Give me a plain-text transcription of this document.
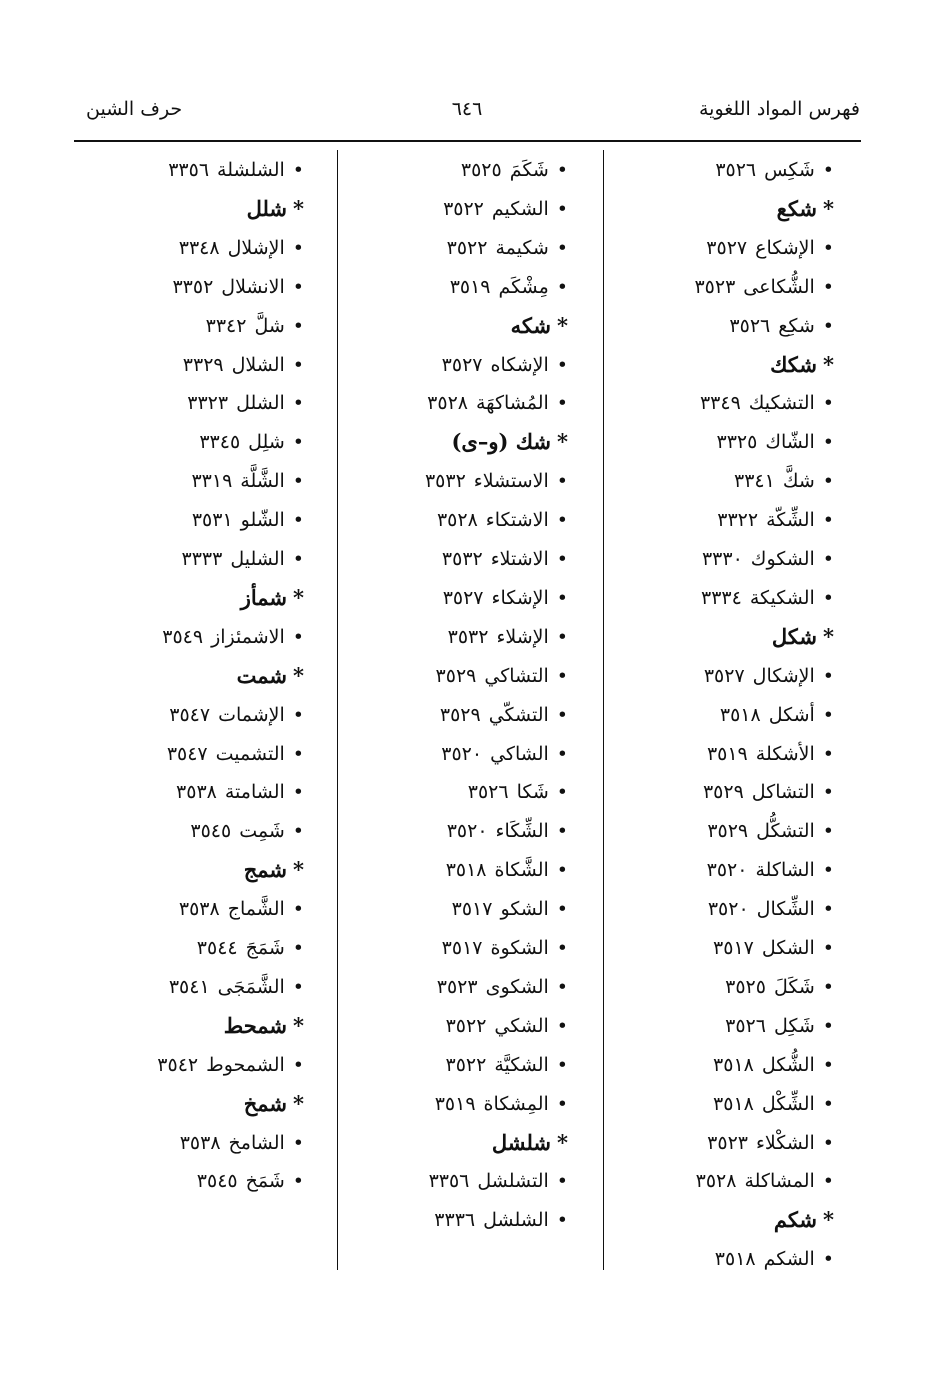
فهرس المواد اللغوية
٦٤٦
حرف الشين
•شَكِس٣٥٢٦
*شكع
•الإشكاع٣٥٢٧
•الشُّكاعى٣٥٢٣
•شكِع٣٥٢٦
*شكك
•التشكيك٣٣٤٩
•الشّاك٣٣٢٥
•شكَّ٣٣٤١
•الشِّكّة٣٣٢٢
•الشكوك٣٣٣٠
•الشكيكة٣٣٣٤
*شكل
•الإشكال٣٥٢٧
•أشكل٣٥١٨
•الأشكلة٣٥١٩
•التشاكل٣٥٢٩
•التشكُّل٣٥٢٩
•الشاكلة٣٥٢٠
•الشِّكال٣٥٢٠
•الشكل٣٥١٧
•شَكَلَ٣٥٢٥
•شَكِل٣٥٢٦
•الشُّكل٣٥١٨
•الشِّكْل٣٥١٨
•الشكْلاء٣٥٢٣
•المشاكلة٣٥٢٨
*شكم
•الشكم٣٥١٨
•شَكَمَ٣٥٢٥
•الشكيم٣٥٢٢
•شكيمة٣٥٢٢
•مِشْكَم٣٥١٩
*شكه
•الإشكاه٣٥٢٧
•المُشاكهَة٣٥٢٨
*شك (و–ى)
•الاستشلاء٣٥٣٢
•الاشتكاء٣٥٢٨
•الاشتلاء٣٥٣٢
•الإشكاء٣٥٢٧
•الإشلاء٣٥٣٢
•التشاكي٣٥٢٩
•التشكّي٣٥٢٩
•الشاكي٣٥٢٠
•شَكا٣٥٢٦
•الشِّكَاء٣٥٢٠
•الشَّكاة٣٥١٨
•الشكو٣٥١٧
•الشكوة٣٥١٧
•الشكوى٣٥٢٣
•الشكي٣٥٢٢
•الشكيَّة٣٥٢٢
•المِشكاة٣٥١٩
*شلشل
•التشلشل٣٣٥٦
•الشلشل٣٣٣٦
•الشلشلة٣٣٥٦
*شلل
•الإشلال٣٣٤٨
•الانشلال٣٣٥٢
•شلَّ٣٣٤٢
•الشلال٣٣٢٩
•الشلل٣٣٢٣
•شلِل٣٣٤٥
•الشَّلَّة٣٣١٩
•الشّلو٣٥٣١
•الشليل٣٣٣٣
*شمأز
•الاشمئزاز٣٥٤٩
*شمت
•الإشمات٣٥٤٧
•التشميت٣٥٤٧
•الشامتة٣٥٣٨
•شَمِت٣٥٤٥
*شمج
•الشَّماج٣٥٣٨
•شَمَجَ٣٥٤٤
•الشَّمَجَى٣٥٤١
*شمحط
•الشمحوط٣٥٤٢
*شمخ
•الشامخ٣٥٣٨
•شَمَخ٣٥٤٥
